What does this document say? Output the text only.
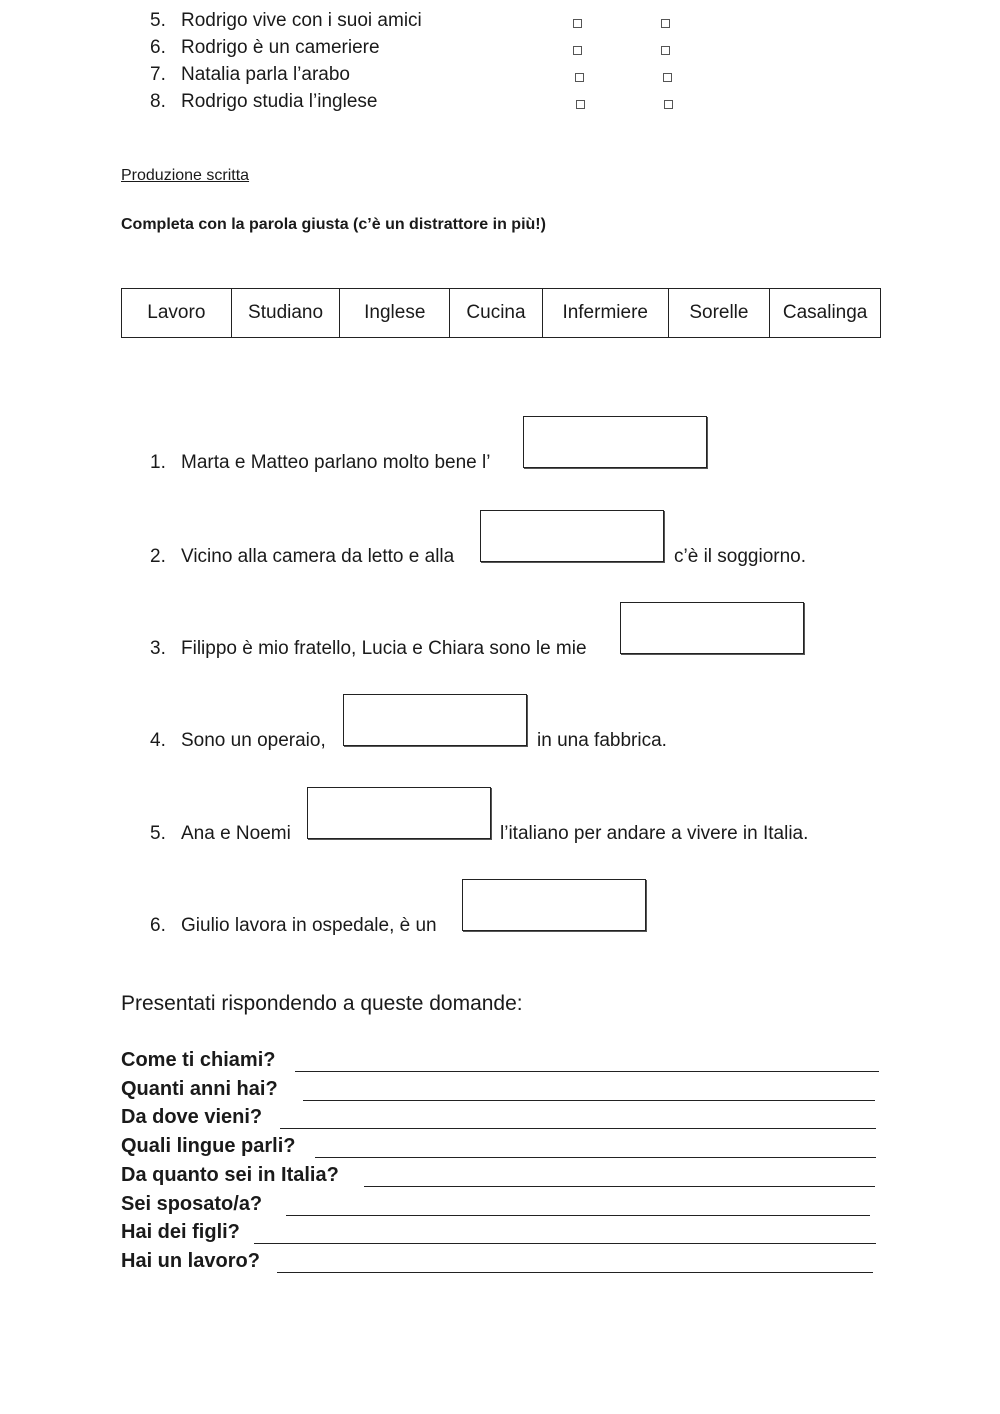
5. Rodrigo vive con i suoi amici
6. Rodrigo è un cameriere
7. Natalia parla l’arabo
8. Rodrigo studia l’inglese
Produzione scritta
Completa con la parola giusta (c’è un distrattore in più!)
Lavoro	Studiano	Inglese	Cucina	Infermiere	Sorelle	Casalinga
1. Marta e Matteo parlano molto bene l’
2. Vicino alla camera da letto e alla	c’è il soggiorno.
3. Filippo è mio fratello, Lucia e Chiara sono le mie
4. Sono un operaio,	in una fabbrica.
5. Ana e Noemi	l’italiano per andare a vivere in Italia.
6. Giulio lavora in ospedale, è un
Presentati rispondendo a queste domande:
Come ti chiami?
Quanti anni hai?
Da dove vieni?
Quali lingue parli?
Da quanto sei in Italia?
Sei sposato/a?
Hai dei figli?
Hai un lavoro?
